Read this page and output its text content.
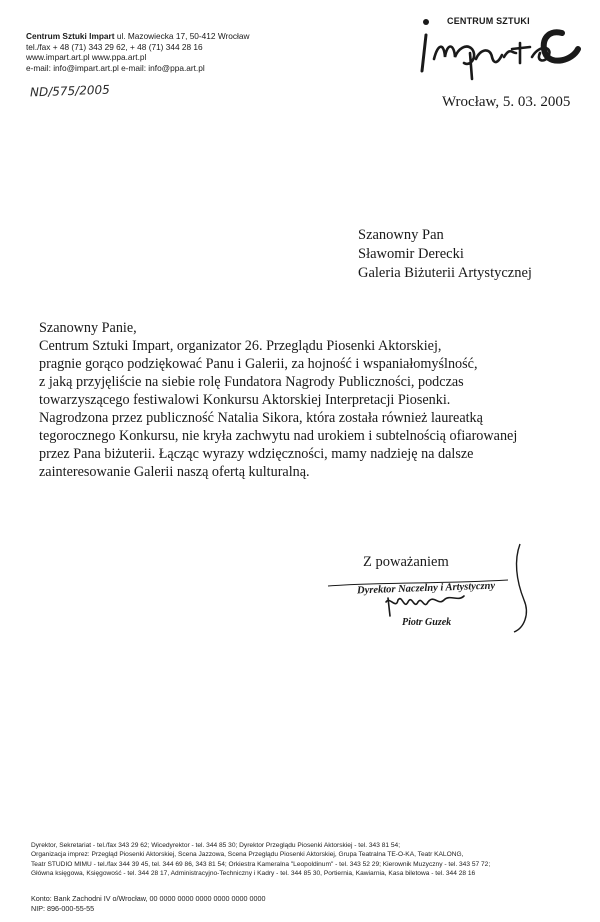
Centrum Sztuki Impart ul. Mazowiecka 17, 50-412 Wrocław
tel./fax + 48 (71) 343 29 62, + 48 (71) 344 28 16
www.impart.art.pl www.ppa.art.pl
e-mail: info@impart.art.pl e-mail: info@ppa.art.pl
ND/575/2005
CENTRUM SZTUKI
Wrocław, 5. 03. 2005
Szanowny Pan
Sławomir Derecki
Galeria Biżuterii Artystycznej
Szanowny Panie,
Centrum Sztuki Impart, organizator 26. Przeglądu Piosenki Aktorskiej,
pragnie gorąco podziękować Panu i Galerii, za hojność i wspaniałomyślność,
z jaką przyjęliście na siebie rolę Fundatora Nagrody Publiczności, podczas
towarzyszącego festiwalowi Konkursu Aktorskiej Interpretacji Piosenki.
Nagrodzona przez publiczność Natalia Sikora, która została również laureatką
tegorocznego Konkursu, nie kryła zachwytu nad urokiem i subtelnością ofiarowanej
przez Pana biżuterii. Łącząc wyrazy wdzięczności, mamy nadzieję na dalsze
zainteresowanie Galerii naszą ofertą kulturalną.
Z poważaniem
Dyrektor Naczelny i Artystyczny
Piotr Guzek
Dyrektor, Sekretariat - tel./fax 343 29 62; Wicedyrektor - tel. 344 85 30; Dyrektor Przeglądu Piosenki Aktorskiej - tel. 343 81 54;
Organizacja imprez: Przegląd Piosenki Aktorskiej, Scena Jazzowa, Scena Przeglądu Piosenki Aktorskiej, Grupa Teatralna TE-O-KA, Teatr KALONG,
Teatr STUDIO MIMU - tel./fax 344 39 45, tel. 344 69 86, 343 81 54; Orkiestra Kameralna "Leopoldinum" - tel. 343 52 29; Kierownik Muzyczny - tel. 343 57 72;
Główna księgowa, Księgowość - tel. 344 28 17, Administracyjno-Techniczny i Kadry - tel. 344 85 30, Portiernia, Kawiarnia, Kasa biletowa - tel. 344 28 16
Konto: Bank Zachodni IV o/Wrocław, 00 0000 0000 0000 0000 0000 0000
NIP: 896-000-55-55
